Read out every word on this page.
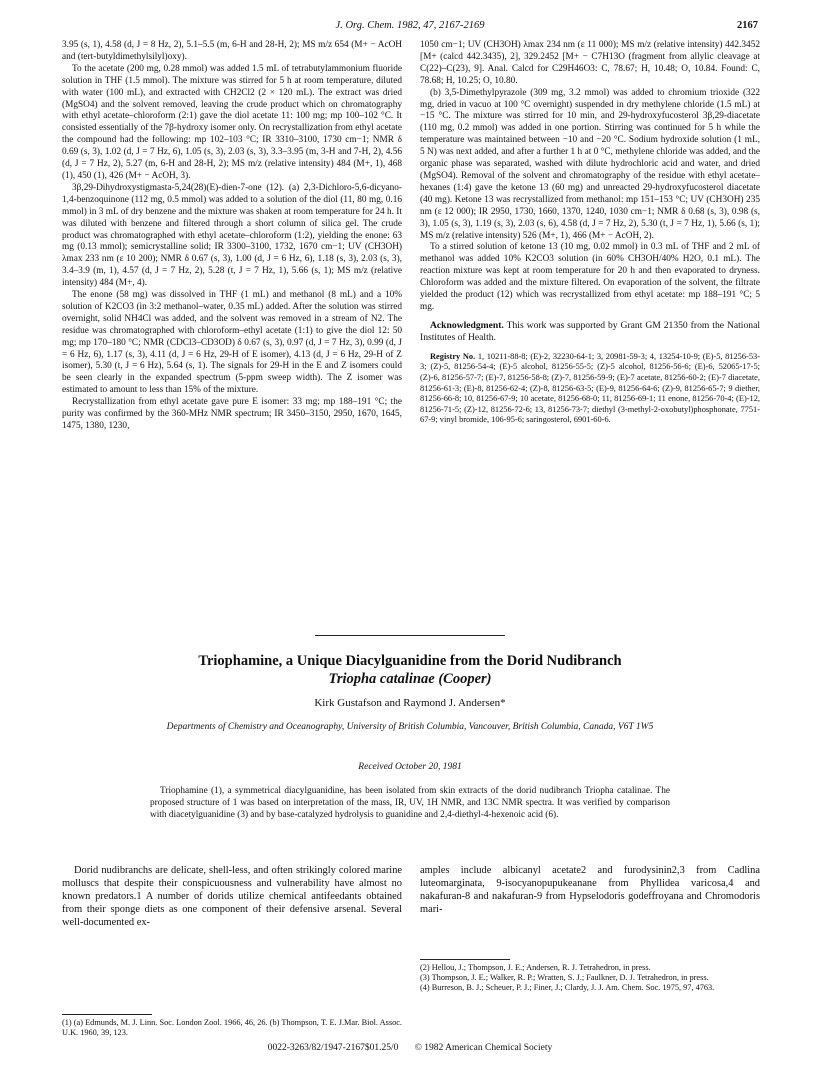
J. Org. Chem. 1982, 47, 2167-2169	2167

3.95 (s, 1), 4.58 (d, J = 8 Hz, 2), 5.1–5.5 (m, 6-H and 28-H, 2); MS m/z 654 (M+ − AcOH and (tert-butyldimethylsilyl)oxy).

To the acetate (200 mg, 0.28 mmol) was added 1.5 mL of tetrabutylammonium fluoride solution in THF (1.5 mmol). The mixture was stirred for 5 h at room temperature, diluted with water (100 mL), and extracted with CH2Cl2 (2 × 120 mL). The extract was dried (MgSO4) and the solvent removed, leaving the crude product which on chromatography with ethyl acetate–chloroform (2:1) gave the diol acetate 11: 100 mg; mp 100–102 °C. It consisted essentially of the 7β-hydroxy isomer only. On recrystallization from ethyl acetate the compound had the following: mp 102–103 °C; IR 3310–3100, 1730 cm−1; NMR δ 0.69 (s, 3), 1.02 (d, J = 7 Hz, 6), 1.05 (s, 3), 2.03 (s, 3), 3.3–3.95 (m, 3-H and 7-H, 2), 4.56 (d, J = 7 Hz, 2), 5.27 (m, 6-H and 28-H, 2); MS m/z (relative intensity) 484 (M+, 1), 468 (1), 450 (1), 426 (M+ − AcOH, 3).

3β,29-Dihydroxystigmasta-5,24(28)(E)-dien-7-one (12). (a) 2,3-Dichloro-5,6-dicyano-1,4-benzoquinone (112 mg, 0.5 mmol) was added to a solution of the diol (11, 80 mg, 0.16 mmol) in 3 mL of dry benzene and the mixture was shaken at room temperature for 24 h. It was diluted with benzene and filtered through a short column of silica gel. The crude product was chromatographed with ethyl acetate–chloroform (1:2), yielding the enone: 63 mg (0.13 mmol); semicrystalline solid; IR 3300–3100, 1732, 1670 cm−1; UV (CH3OH) λmax 233 nm (ε 10 200); NMR δ 0.67 (s, 3), 1.00 (d, J = 6 Hz, 6), 1.18 (s, 3), 2.03 (s, 3), 3.4–3.9 (m, 1), 4.57 (d, J = 7 Hz, 2), 5.28 (t, J = 7 Hz, 1), 5.66 (s, 1); MS m/z (relative intensity) 484 (M+, 4).

The enone (58 mg) was dissolved in THF (1 mL) and methanol (8 mL) and a 10% solution of K2CO3 (in 3:2 methanol–water, 0.35 mL) added. After the solution was stirred overnight, solid NH4Cl was added, and the solvent was removed in a stream of N2. The residue was chromatographed with chloroform–ethyl acetate (1:1) to give the diol 12: 50 mg; mp 170–180 °C; NMR (CDCl3–CD3OD) δ 0.67 (s, 3), 0.97 (d, J = 7 Hz, 3), 0.99 (d, J = 6 Hz, 6), 1.17 (s, 3), 4.11 (d, J = 6 Hz, 29-H of E isomer), 4.13 (d, J = 6 Hz, 29-H of Z isomer), 5.30 (t, J = 6 Hz), 5.64 (s, 1). The signals for 29-H in the E and Z isomers could be seen clearly in the expanded spectrum (5-ppm sweep width). The Z isomer was estimated to amount to less than 15% of the mixture.

Recrystallization from ethyl acetate gave pure E isomer: 33 mg; mp 188–191 °C; the purity was confirmed by the 360-MHz NMR spectrum; IR 3450–3150, 2950, 1670, 1645, 1475, 1380, 1230,

1050 cm−1; UV (CH3OH) λmax 234 nm (ε 11 000); MS m/z (relative intensity) 442.3452 [M+ (calcd 442.3435), 2], 329.2452 [M+ − C7H13O (fragment from allylic cleavage at C(22)–C(23), 9]. Anal. Calcd for C29H46O3: C, 78.67; H, 10.48; O, 10.84. Found: C, 78.68; H, 10.25; O, 10.80.

(b) 3,5-Dimethylpyrazole (309 mg, 3.2 mmol) was added to chromium trioxide (322 mg, dried in vacuo at 100 °C overnight) suspended in dry methylene chloride (1.5 mL) at −15 °C. The mixture was stirred for 10 min, and 29-hydroxyfucosterol 3β,29-diacetate (110 mg, 0.2 mmol) was added in one portion. Stirring was continued for 5 h while the temperature was maintained between −10 and −20 °C. Sodium hydroxide solution (1 mL, 5 N) was next added, and after a further 1 h at 0 °C, methylene chloride was added, and the organic phase was separated, washed with dilute hydrochloric acid and water, and dried (MgSO4). Removal of the solvent and chromatography of the residue with ethyl acetate–hexanes (1:4) gave the ketone 13 (60 mg) and unreacted 29-hydroxyfucosterol diacetate (40 mg). Ketone 13 was recrystallized from methanol: mp 151–153 °C; UV (CH3OH) 235 nm (ε 12 000); IR 2950, 1730, 1660, 1370, 1240, 1030 cm−1; NMR δ 0.68 (s, 3), 0.98 (s, 3), 1.05 (s, 3), 1.19 (s, 3), 2.03 (s, 6), 4.58 (d, J = 7 Hz, 2), 5.30 (t, J = 7 Hz, 1), 5.66 (s, 1); MS m/z (relative intensity) 526 (M+, 1), 466 (M+ − AcOH, 2).

To a stirred solution of ketone 13 (10 mg, 0.02 mmol) in 0.3 mL of THF and 2 mL of methanol was added 10% K2CO3 solution (in 60% CH3OH/40% H2O, 0.1 mL). The reaction mixture was kept at room temperature for 20 h and then evaporated to dryness. Chloroform was added and the mixture filtered. On evaporation of the solvent, the filtrate yielded the product (12) which was recrystallized from ethyl acetate: mp 188–191 °C; 5 mg.

Acknowledgment. This work was supported by Grant GM 21350 from the National Institutes of Health.

Registry No. 1, 10211-88-8; (E)-2, 32230-64-1; 3, 20981-59-3; 4, 13254-10-9; (E)-5, 81256-53-3; (Z)-5, 81256-54-4; (E)-5 alcohol, 81256-55-5; (Z)-5 alcohol, 81256-56-6; (E)-6, 52065-17-5; (Z)-6, 81256-57-7; (E)-7, 81256-58-8; (Z)-7, 81256-59-9; (E)-7 acetate, 81256-60-2; (E)-7 diacetate, 81256-61-3; (E)-8, 81256-62-4; (Z)-8, 81256-63-5; (E)-9, 81256-64-6; (Z)-9, 81256-65-7; 9 diether, 81256-66-8; 10, 81256-67-9; 10 acetate, 81256-68-0; 11, 81256-69-1; 11 enone, 81256-70-4; (E)-12, 81256-71-5; (Z)-12, 81256-72-6; 13, 81256-73-7; diethyl (3-methyl-2-oxobutyl)phosphonate, 7751-67-9; vinyl bromide, 106-95-6; saringosterol, 6901-60-6.

Triophamine, a Unique Diacylguanidine from the Dorid Nudibranch
Triopha catalinae (Cooper)
Kirk Gustafson and Raymond J. Andersen*
Departments of Chemistry and Oceanography, University of British Columbia, Vancouver, British Columbia, Canada, V6T 1W5
Received October 20, 1981
Triophamine (1), a symmetrical diacylguanidine, has been isolated from skin extracts of the dorid nudibranch Triopha catalinae. The proposed structure of 1 was based on interpretation of the mass, IR, UV, 1H NMR, and 13C NMR spectra. It was verified by comparison with diacetylguanidine (3) and by base-catalyzed hydrolysis to guanidine and 2,4-diethyl-4-hexenoic acid (6).

Dorid nudibranchs are delicate, shell-less, and often strikingly colored marine molluscs that despite their conspicuousness and vulnerability have almost no known predators.1 A number of dorids utilize chemical antifeedants obtained from their sponge diets as one component of their defensive arsenal. Several well-documented ex-

amples include albicanyl acetate2 and furodysinin2,3 from Cadlina luteomarginata, 9-isocyanopupukeanane from Phyllidea varicosa,4 and nakafuran-8 and nakafuran-9 from Hypselodoris godeffroyana and Chromodoris mari-

(2) Hellou, J.; Thompson, J. E.; Andersen, R. J. Tetrahedron, in press.
(3) Thompson, J. E.; Walker, R. P.; Wratten, S. J.; Faulkner, D. J. Tetrahedron, in press.
(4) Burreson, B. J.; Scheuer, P. J.; Finer, J.; Clardy, J. J. Am. Chem. Soc. 1975, 97, 4763.
(1) (a) Edmunds, M. J. Linn. Soc. London Zool. 1966, 46, 26. (b) Thompson, T. E. J.Mar. Biol. Assoc. U.K. 1960, 39, 123.
0022-3263/82/1947-2167$01.25/0 © 1982 American Chemical Society
